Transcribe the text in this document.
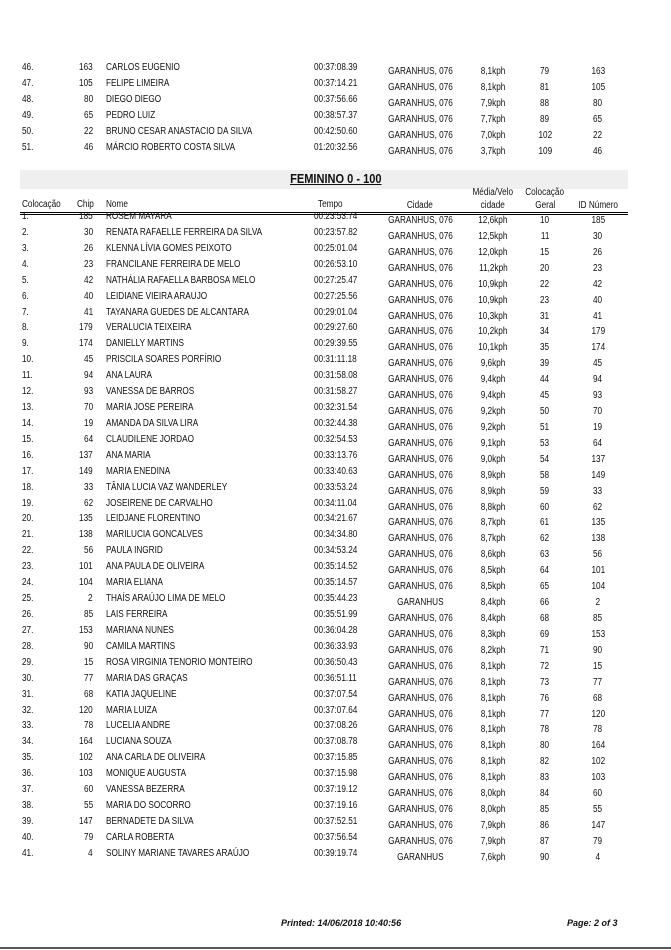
46.	163 CARLOS EUGENIO	00:37:08.39	GARANHUS, 076	8,1kph	79	163
47.	105 FELIPE LIMEIRA	00:37:14.21	GARANHUS, 076	8,1kph	81	105
48.	80 DIEGO DIEGO	00:37:56.66	GARANHUS, 076	7,9kph	88	80
49.	65 PEDRO LUIZ	00:38:57.37	GARANHUS, 076	7,7kph	89	65
50.	22 BRUNO CESAR ANASTACIO DA SILVA	00:42:50.60	GARANHUS, 076	7,0kph	102	22
51.	46 MÁRCIO ROBERTO COSTA SILVA	01:20:32.56	GARANHUS, 076	3,7kph	109	46
FEMININO 0 - 100
Colocação	Chip	Nome	Tempo	Cidade
Média/Velo
cidade
Colocação
Geral	ID Número
1.	185 ROSEM MAYARA	00:23:53.74	GARANHUS, 076	12,6kph	10	185
2.	30 RENATA RAFAELLE FERREIRA DA SILVA	00:23:57.82	GARANHUS, 076	12,5kph	11	30
3.	26 KLENNA LÍVIA GOMES PEIXOTO	00:25:01.04	GARANHUS, 076	12,0kph	15	26
4.	23 FRANCILANE FERREIRA DE MELO	00:26:53.10	GARANHUS, 076	11,2kph	20	23
5.	42 NATHÁLIA RAFAELLA BARBOSA MELO	00:27:25.47	GARANHUS, 076	10,9kph	22	42
6.	40 LEIDIANE VIEIRA ARAUJO	00:27:25.56	GARANHUS, 076	10,9kph	23	40
7.	41 TAYANARA GUEDES DE ALCANTARA	00:29:01.04	GARANHUS, 076	10,3kph	31	41
8.	179 VERALUCIA TEIXEIRA	00:29:27.60	GARANHUS, 076	10,2kph	34	179
9.	174 DANIELLY MARTINS	00:29:39.55	GARANHUS, 076	10,1kph	35	174
10.	45 PRISCILA SOARES PORFÍRIO	00:31:11.18	GARANHUS, 076	9,6kph	39	45
11.	94 ANA LAURA	00:31:58.08	GARANHUS, 076	9,4kph	44	94
12.	93 VANESSA DE BARROS	00:31:58.27	GARANHUS, 076	9,4kph	45	93
13.	70 MARIA JOSE PEREIRA	00:32:31.54	GARANHUS, 076	9,2kph	50	70
14.	19 AMANDA DA SILVA LIRA	00:32:44.38	GARANHUS, 076	9,2kph	51	19
15.	64 CLAUDILENE JORDAO	00:32:54.53	GARANHUS, 076	9,1kph	53	64
16.	137 ANA MARIA	00:33:13.76	GARANHUS, 076	9,0kph	54	137
17.	149 MARIA ENEDINA	00:33:40.63	GARANHUS, 076	8,9kph	58	149
18.	33 TÂNIA LUCIA VAZ WANDERLEY	00:33:53.24	GARANHUS, 076	8,9kph	59	33
19.	62 JOSEIRENE DE CARVALHO	00:34:11.04	GARANHUS, 076	8,8kph	60	62
20.	135 LEIDJANE FLORENTINO	00:34:21.67	GARANHUS, 076	8,7kph	61	135
21.	138 MARILUCIA GONCALVES	00:34:34.80	GARANHUS, 076	8,7kph	62	138
22.	56 PAULA INGRID	00:34:53.24	GARANHUS, 076	8,6kph	63	56
23.	101 ANA PAULA DE OLIVEIRA	00:35:14.52	GARANHUS, 076	8,5kph	64	101
24.	104 MARIA ELIANA	00:35:14.57	GARANHUS, 076	8,5kph	65	104
25.	2 THAÍS ARAÚJO LIMA DE MELO	00:35:44.23	GARANHUS	8,4kph	66	2
26.	85 LAIS FERREIRA	00:35:51.99	GARANHUS, 076	8,4kph	68	85
27.	153 MARIANA NUNES	00:36:04.28	GARANHUS, 076	8,3kph	69	153
28.	90 CAMILA MARTINS	00:36:33.93	GARANHUS, 076	8,2kph	71	90
29.	15 ROSA VIRGINIA TENORIO MONTEIRO	00:36:50.43	GARANHUS, 076	8,1kph	72	15
30.	77 MARIA DAS GRAÇAS	00:36:51.11	GARANHUS, 076	8,1kph	73	77
31.	68 KATIA JAQUELINE	00:37:07.54	GARANHUS, 076	8,1kph	76	68
32.	120 MARIA LUIZA	00:37:07.64	GARANHUS, 076	8,1kph	77	120
33.	78 LUCELIA ANDRE	00:37:08.26	GARANHUS, 076	8,1kph	78	78
34.	164 LUCIANA SOUZA	00:37:08.78	GARANHUS, 076	8,1kph	80	164
35.	102 ANA CARLA DE OLIVEIRA	00:37:15.85	GARANHUS, 076	8,1kph	82	102
36.	103 MONIQUE AUGUSTA	00:37:15.98	GARANHUS, 076	8,1kph	83	103
37.	60 VANESSA BEZERRA	00:37:19.12	GARANHUS, 076	8,0kph	84	60
38.	55 MARIA DO SOCORRO	00:37:19.16	GARANHUS, 076	8,0kph	85	55
39.	147 BERNADETE DA SILVA	00:37:52.51	GARANHUS, 076	7,9kph	86	147
40.	79 CARLA ROBERTA	00:37:56.54	GARANHUS, 076	7,9kph	87	79
41.	4 SOLINY MARIANE TAVARES ARAÚJO	00:39:19.74	GARANHUS	7,6kph	90	4
Printed: 14/06/2018 10:40:56	Page: 2 of 3
